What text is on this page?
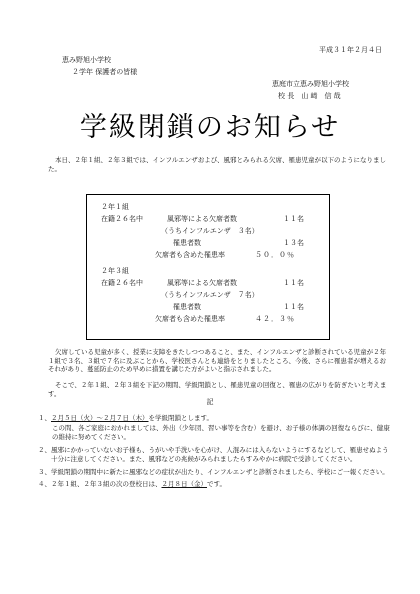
平成３１年２月４日
恵み野旭小学校
２学年 保護者の皆様
恵庭市立恵み野旭小学校
校 長　山 﨑　信 哉
学級閉鎖のお知らせ
本日、２年１組、２年３組では、インフルエンザおよび、風邪とみられる欠席、罹患児童が以下のようになりました。
２年１組
在籍２６名中	風邪等による欠席者数	１１名
（うちインフルエンザ　３名）
罹患者数	１３名
欠席者も含めた罹患率	５０．０％
２年３組
在籍２６名中	風邪等による欠席者数	１１名
（うちインフルエンザ　７名）
罹患者数	１１名
欠席者も含めた罹患率	４２．３％
欠席している児童が多く、授業に支障をきたしつつあること、また、インフルエンザと診断されている児童が２年１組で３名、３組で７名に及ぶことから、学校医さんとも連絡をとりましたところ、今後、さらに罹患者が増えるおそれがあり、蔓延防止のため早めに措置を講じた方がよいと指示されました。
そこで、２年１組、２年３組を下記の期間、学級閉鎖とし、罹患児童の回復と、罹患の広がりを防ぎたいと考えます。
記
１、２月５日（火）～２月７日（木）を学級閉鎖とします。
この間、各ご家庭におかれましては、外出（少年団、習い事等を含む）を避け、お子様の体調の回復ならびに、健康の維持に努めてください。
２、風邪にかかっていないお子様も、うがいや手洗いを心がけ、人混みには入らないようにするなどして、罹患せぬよう十分に注意してください。また、風邪などの兆候がみられましたらすみやかに病院で受診してください。
３、学級閉鎖の期間中に新たに風邪などの症状が出たり、インフルエンザと診断されましたら、学校にご一報ください。
４、２年１組、２年３組の次の登校日は、２月８日（金）です。
